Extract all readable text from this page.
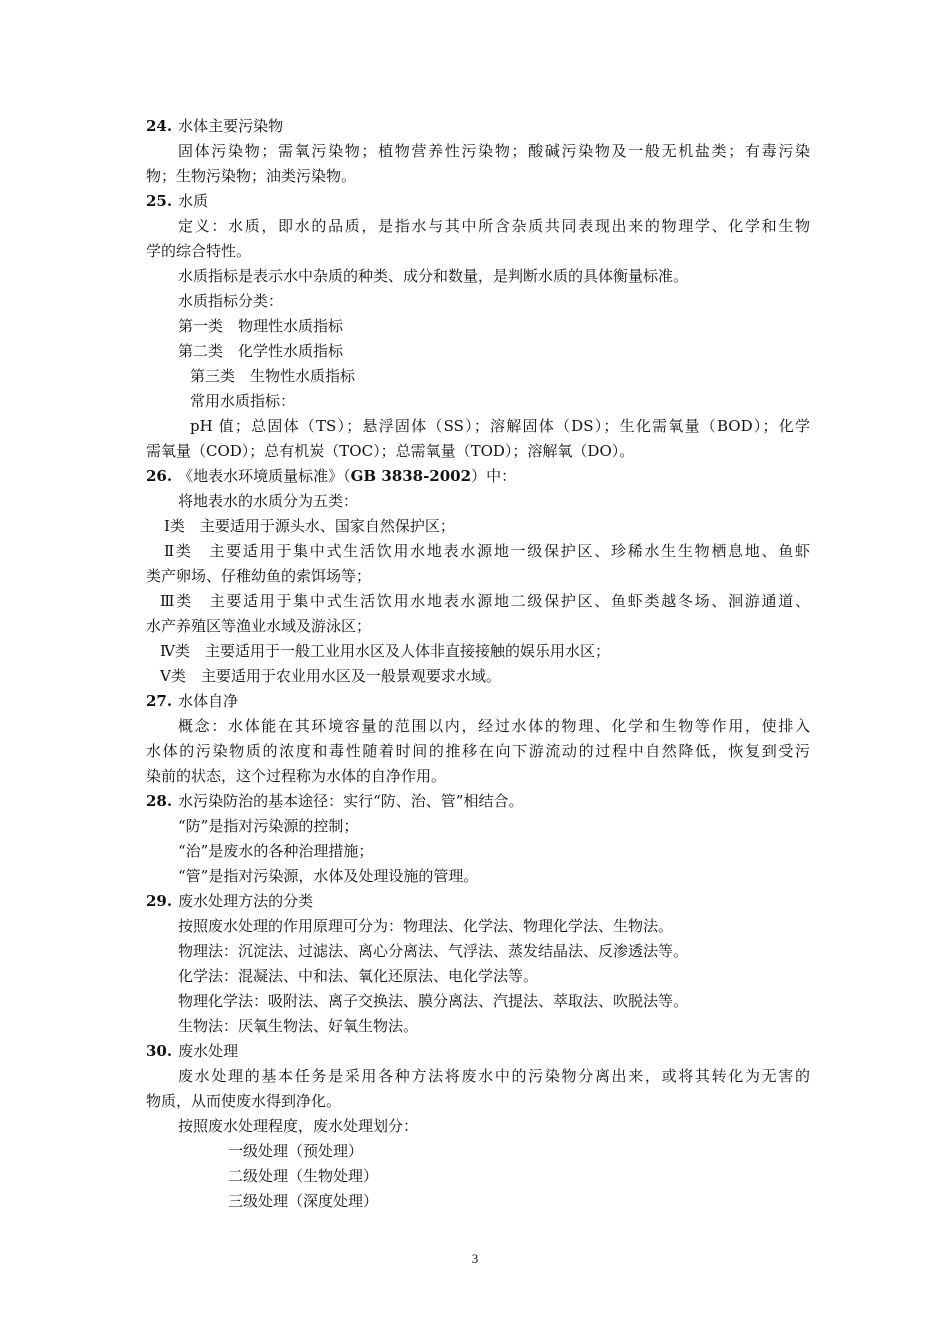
24. 水体主要污染物
固体污染物；需氧污染物；植物营养性污染物；酸碱污染物及一般无机盐类；有毒污染
物；生物污染物；油类污染物。
25. 水质
定义：水质，即水的品质，是指水与其中所含杂质共同表现出来的物理学、化学和生物
学的综合特性。
水质指标是表示水中杂质的种类、成分和数量，是判断水质的具体衡量标准。
水质指标分类：
第一类　物理性水质指标
第二类　化学性水质指标
第三类　生物性水质指标
常用水质指标：
pH 值；总固体（TS）；悬浮固体（SS）；溶解固体（DS）；生化需氧量（BOD）；化学
需氧量（COD）；总有机炭（TOC）；总需氧量（TOD）；溶解氧（DO）。
26. 《地表水环境质量标准》（GB 3838-2002）中：
将地表水的水质分为五类：
Ⅰ类　主要适用于源头水、国家自然保护区；
Ⅱ类　主要适用于集中式生活饮用水地表水源地一级保护区、珍稀水生生物栖息地、鱼虾
类产卵场、仔稚幼鱼的索饵场等；
Ⅲ类　主要适用于集中式生活饮用水地表水源地二级保护区、鱼虾类越冬场、洄游通道、
水产养殖区等渔业水域及游泳区；
Ⅳ类　主要适用于一般工业用水区及人体非直接接触的娱乐用水区；
Ⅴ类　主要适用于农业用水区及一般景观要求水域。
27. 水体自净
概念：水体能在其环境容量的范围以内，经过水体的物理、化学和生物等作用，使排入
水体的污染物质的浓度和毒性随着时间的推移在向下游流动的过程中自然降低，恢复到受污
染前的状态，这个过程称为水体的自净作用。
28. 水污染防治的基本途径：实行“防、治、管”相结合。
“防”是指对污染源的控制；
“治”是废水的各种治理措施；
“管”是指对污染源，水体及处理设施的管理。
29. 废水处理方法的分类
按照废水处理的作用原理可分为：物理法、化学法、物理化学法、生物法。
物理法：沉淀法、过滤法、离心分离法、气浮法、蒸发结晶法、反渗透法等。
化学法：混凝法、中和法、氧化还原法、电化学法等。
物理化学法：吸附法、离子交换法、膜分离法、汽提法、萃取法、吹脱法等。
生物法：厌氧生物法、好氧生物法。
30. 废水处理
废水处理的基本任务是采用各种方法将废水中的污染物分离出来，或将其转化为无害的
物质，从而使废水得到净化。
按照废水处理程度，废水处理划分：
一级处理（预处理）
二级处理（生物处理）
三级处理（深度处理）
3
